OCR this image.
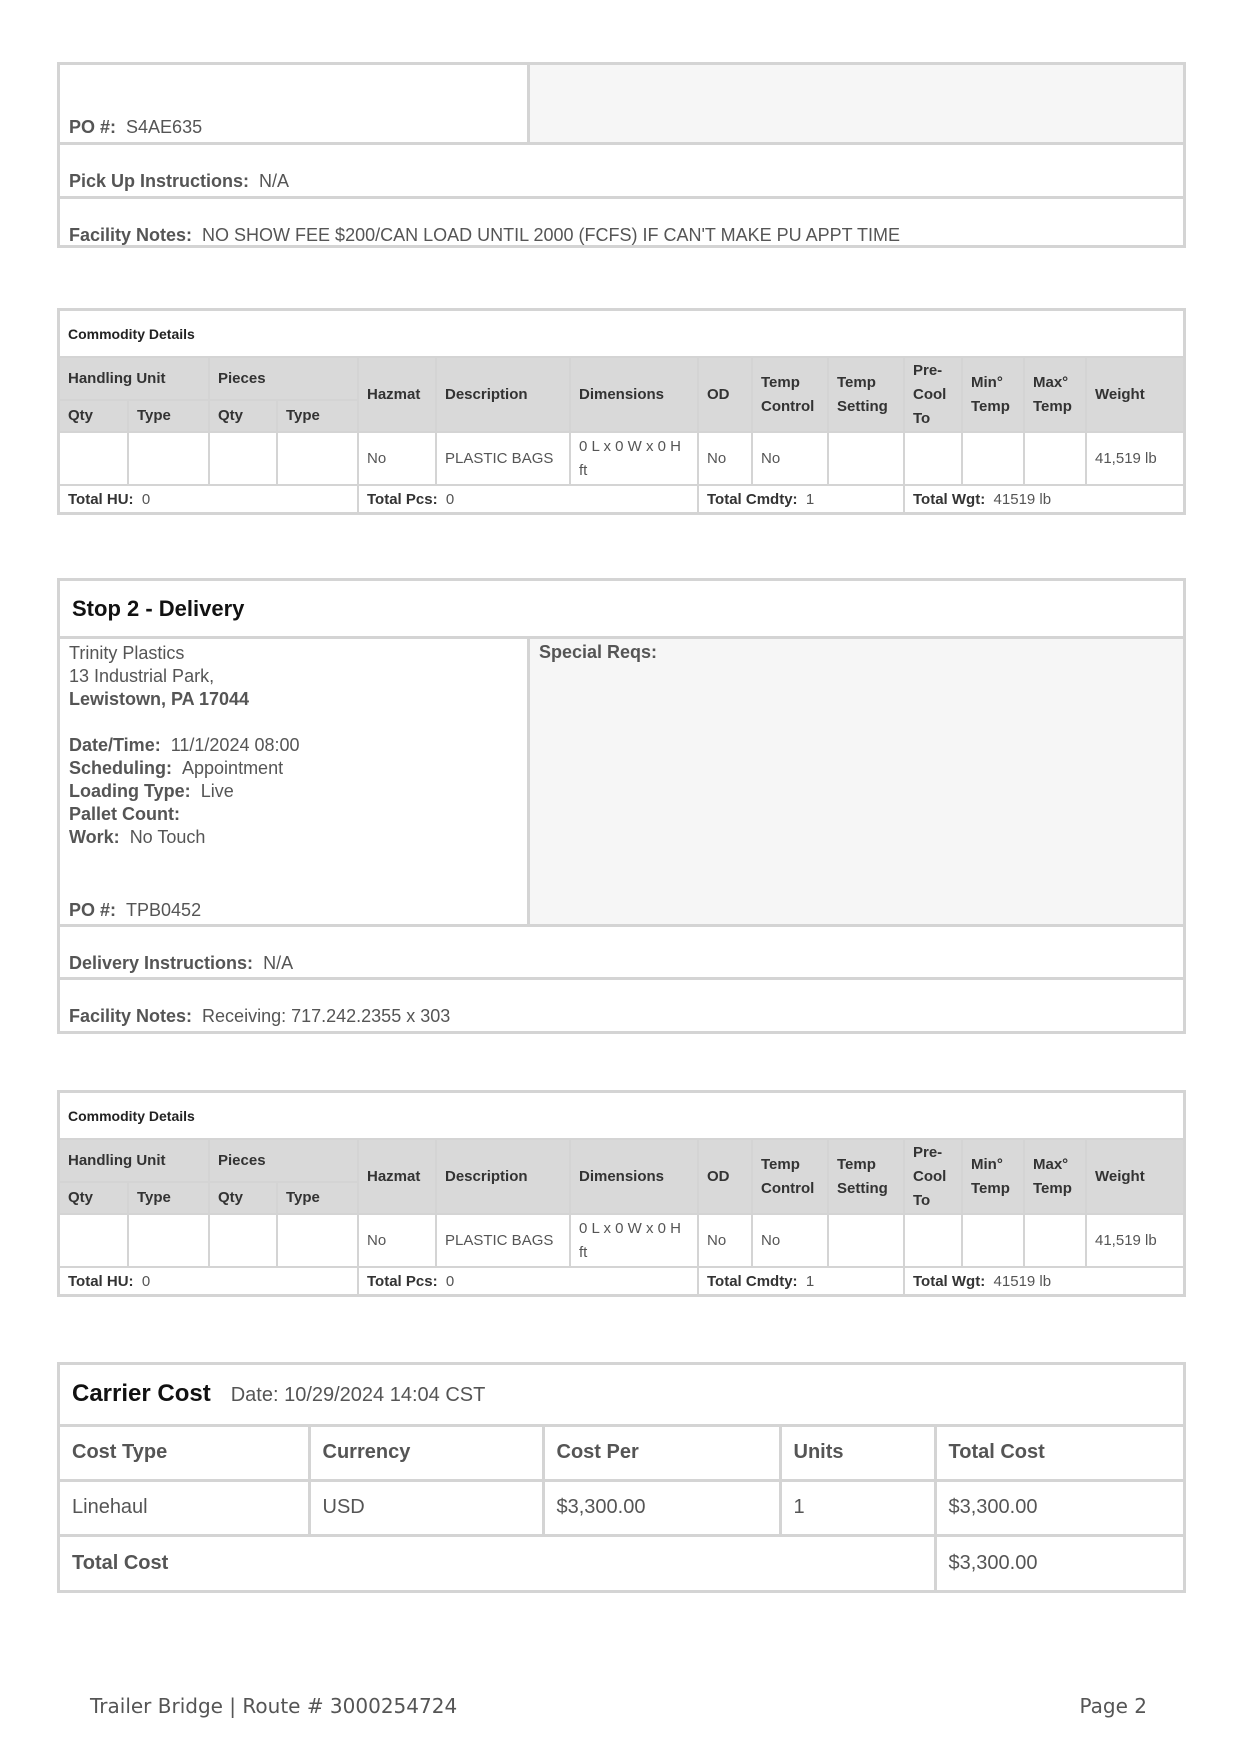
PO #:
S4AE635
Pick Up Instructions:
N/A
Facility Notes:
NO SHOW FEE $200/CAN LOAD UNTIL 2000 (FCFS) IF CAN'T MAKE PU APPT TIME
Commodity Details													
Handling Unit		Pieces		Hazmat	Description	Dimensions	OD	Temp Control	Temp Setting	Pre-Cool To	Min° Temp	Max° Temp	Weight
Qty	Type	Qty	Type										
				No	PLASTIC BAGS	0 L x 0 W x 0 H ft	No	No					41,519 lb
Total HU: 0				Total Pcs: 0			Total Cmdty: 1			Total Wgt: 41519 lb			
Stop 2 - Delivery
Trinity Plastics
13 Industrial Park,
Lewistown, PA 17044
Date/Time: 11/1/2024 08:00
Scheduling: Appointment
Loading Type: Live
Pallet Count:
Work: No Touch
PO #: TPB0452
Special Reqs:
Delivery Instructions:
N/A
Facility Notes:
Receiving: 717.242.2355 x 303
Commodity Details													
Handling Unit		Pieces		Hazmat	Description	Dimensions	OD	Temp Control	Temp Setting	Pre-Cool To	Min° Temp	Max° Temp	Weight
Qty	Type	Qty	Type										
				No	PLASTIC BAGS	0 L x 0 W x 0 H ft	No	No					41,519 lb
Total HU: 0				Total Pcs: 0			Total Cmdty: 1			Total Wgt: 41519 lb			
Carrier Cost Date: 10/29/2024 14:04 CST				
Cost Type	Currency	Cost Per	Units	Total Cost
Linehaul	USD	$3,300.00	1	$3,300.00
Total Cost				$3,300.00
Trailer Bridge | Route # 3000254724	Page 2
